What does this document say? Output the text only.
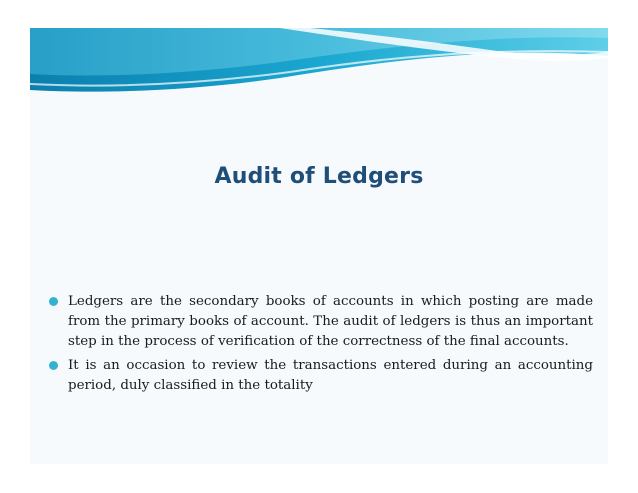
Audit of Ledgers
Ledgers are the secondary books of accounts in which posting are made from the primary books of account. The audit of ledgers is thus an important step in the process of verification of the correctness of the final accounts.
It is an occasion to review the transactions entered during an accounting period, duly classified in the totality
